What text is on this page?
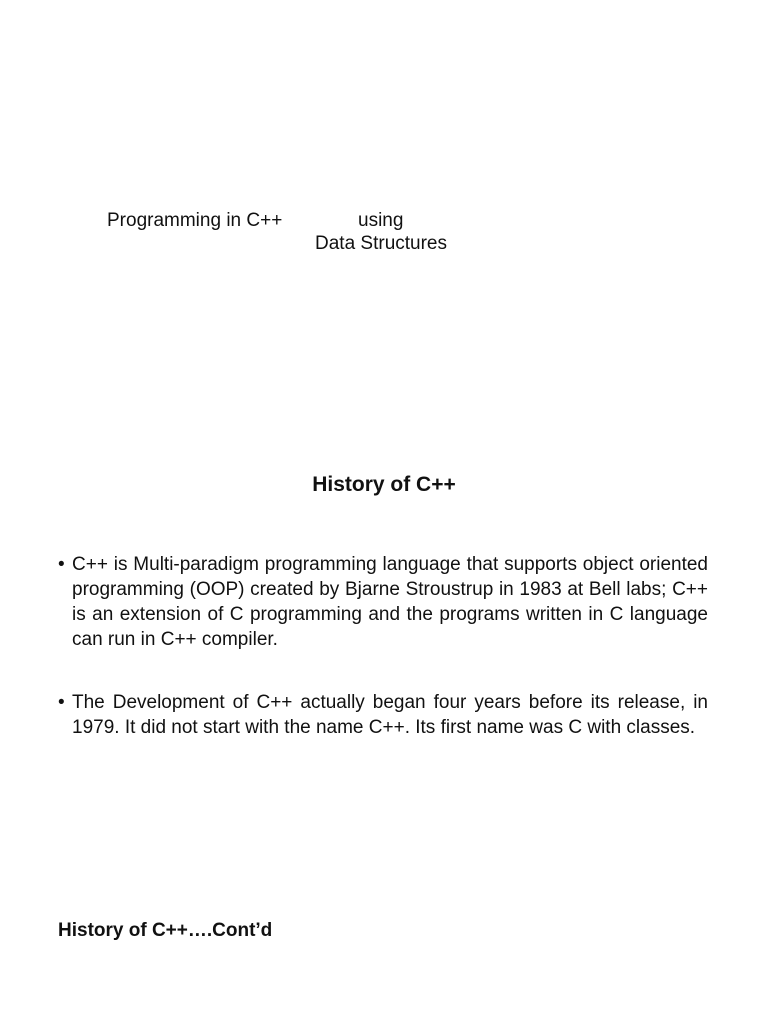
Programming in C++	using
Data Structures
History of C++
• C++ is Multi-paradigm programming language that supports object oriented programming (OOP) created by Bjarne Stroustrup in 1983 at Bell labs; C++ is an extension of C programming and the programs written in C language can run in C++ compiler.
• The Development of C++ actually began four years before its release, in 1979. It did not start with the name C++. Its first name was C with classes.
History of C++….Cont’d
